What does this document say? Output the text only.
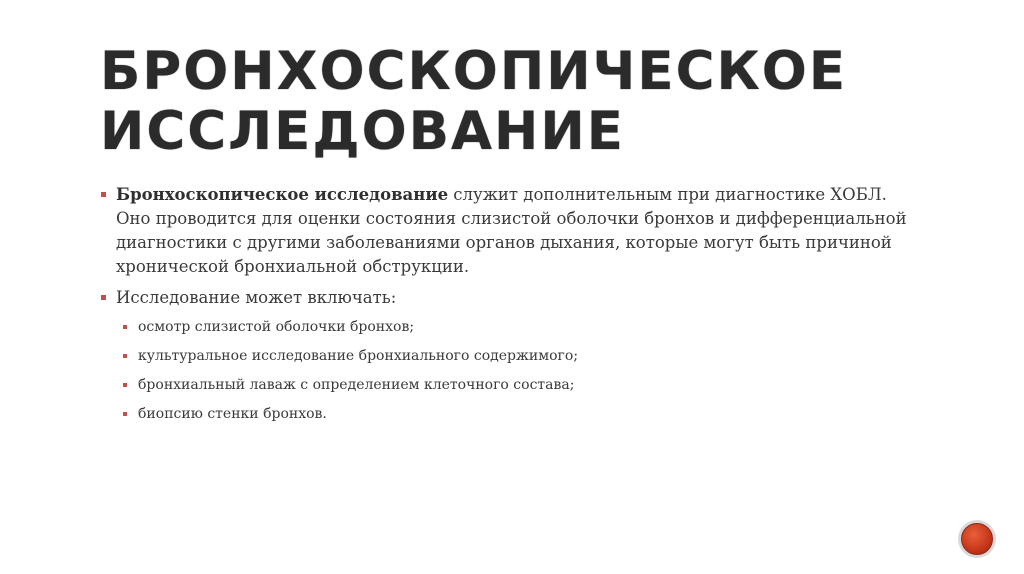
БРОНХОСКОПИЧЕСКОЕ ИССЛЕДОВАНИЕ
Бронхоскопическое исследование служит дополнительным при диагностике ХОБЛ. Оно проводится для оценки состояния слизистой оболочки бронхов и дифференциальной диагностики с другими заболеваниями органов дыхания, которые могут быть причиной хронической бронхиальной обструкции.
Исследование может включать:
осмотр слизистой оболочки бронхов;
культуральное исследование бронхиального содержимого;
бронхиальный лаваж с определением клеточного состава;
биопсию стенки бронхов.
